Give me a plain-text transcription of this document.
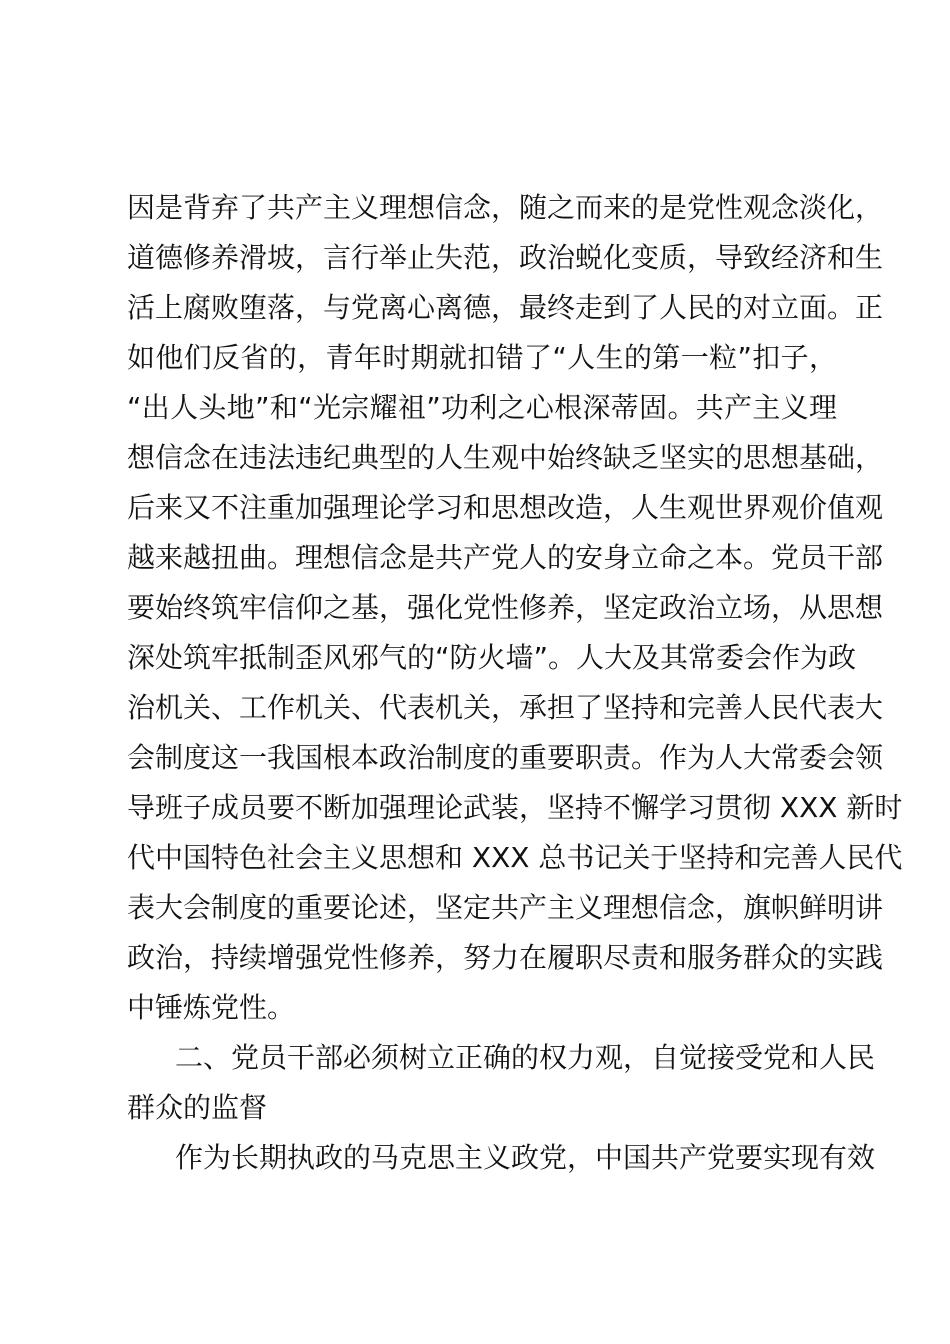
因是背弃了共产主义理想信念，随之而来的是党性观念淡化，
道德修养滑坡，言行举止失范，政治蜕化变质，导致经济和生
活上腐败堕落，与党离心离德，最终走到了人民的对立面。正
如他们反省的，青年时期就扣错了“人生的第一粒”扣子，
“出人头地”和“光宗耀祖”功利之心根深蒂固。共产主义理
想信念在违法违纪典型的人生观中始终缺乏坚实的思想基础，
后来又不注重加强理论学习和思想改造，人生观世界观价值观
越来越扭曲。理想信念是共产党人的安身立命之本。党员干部
要始终筑牢信仰之基，强化党性修养，坚定政治立场，从思想
深处筑牢抵制歪风邪气的“防火墙”。人大及其常委会作为政
治机关、工作机关、代表机关，承担了坚持和完善人民代表大
会制度这一我国根本政治制度的重要职责。作为人大常委会领
导班子成员要不断加强理论武装，坚持不懈学习贯彻 XXX 新时
代中国特色社会主义思想和 XXX 总书记关于坚持和完善人民代
表大会制度的重要论述，坚定共产主义理想信念，旗帜鲜明讲
政治，持续增强党性修养，努力在履职尽责和服务群众的实践
中锤炼党性。
二、党员干部必须树立正确的权力观，自觉接受党和人民
群众的监督
作为长期执政的马克思主义政党，中国共产党要实现有效
